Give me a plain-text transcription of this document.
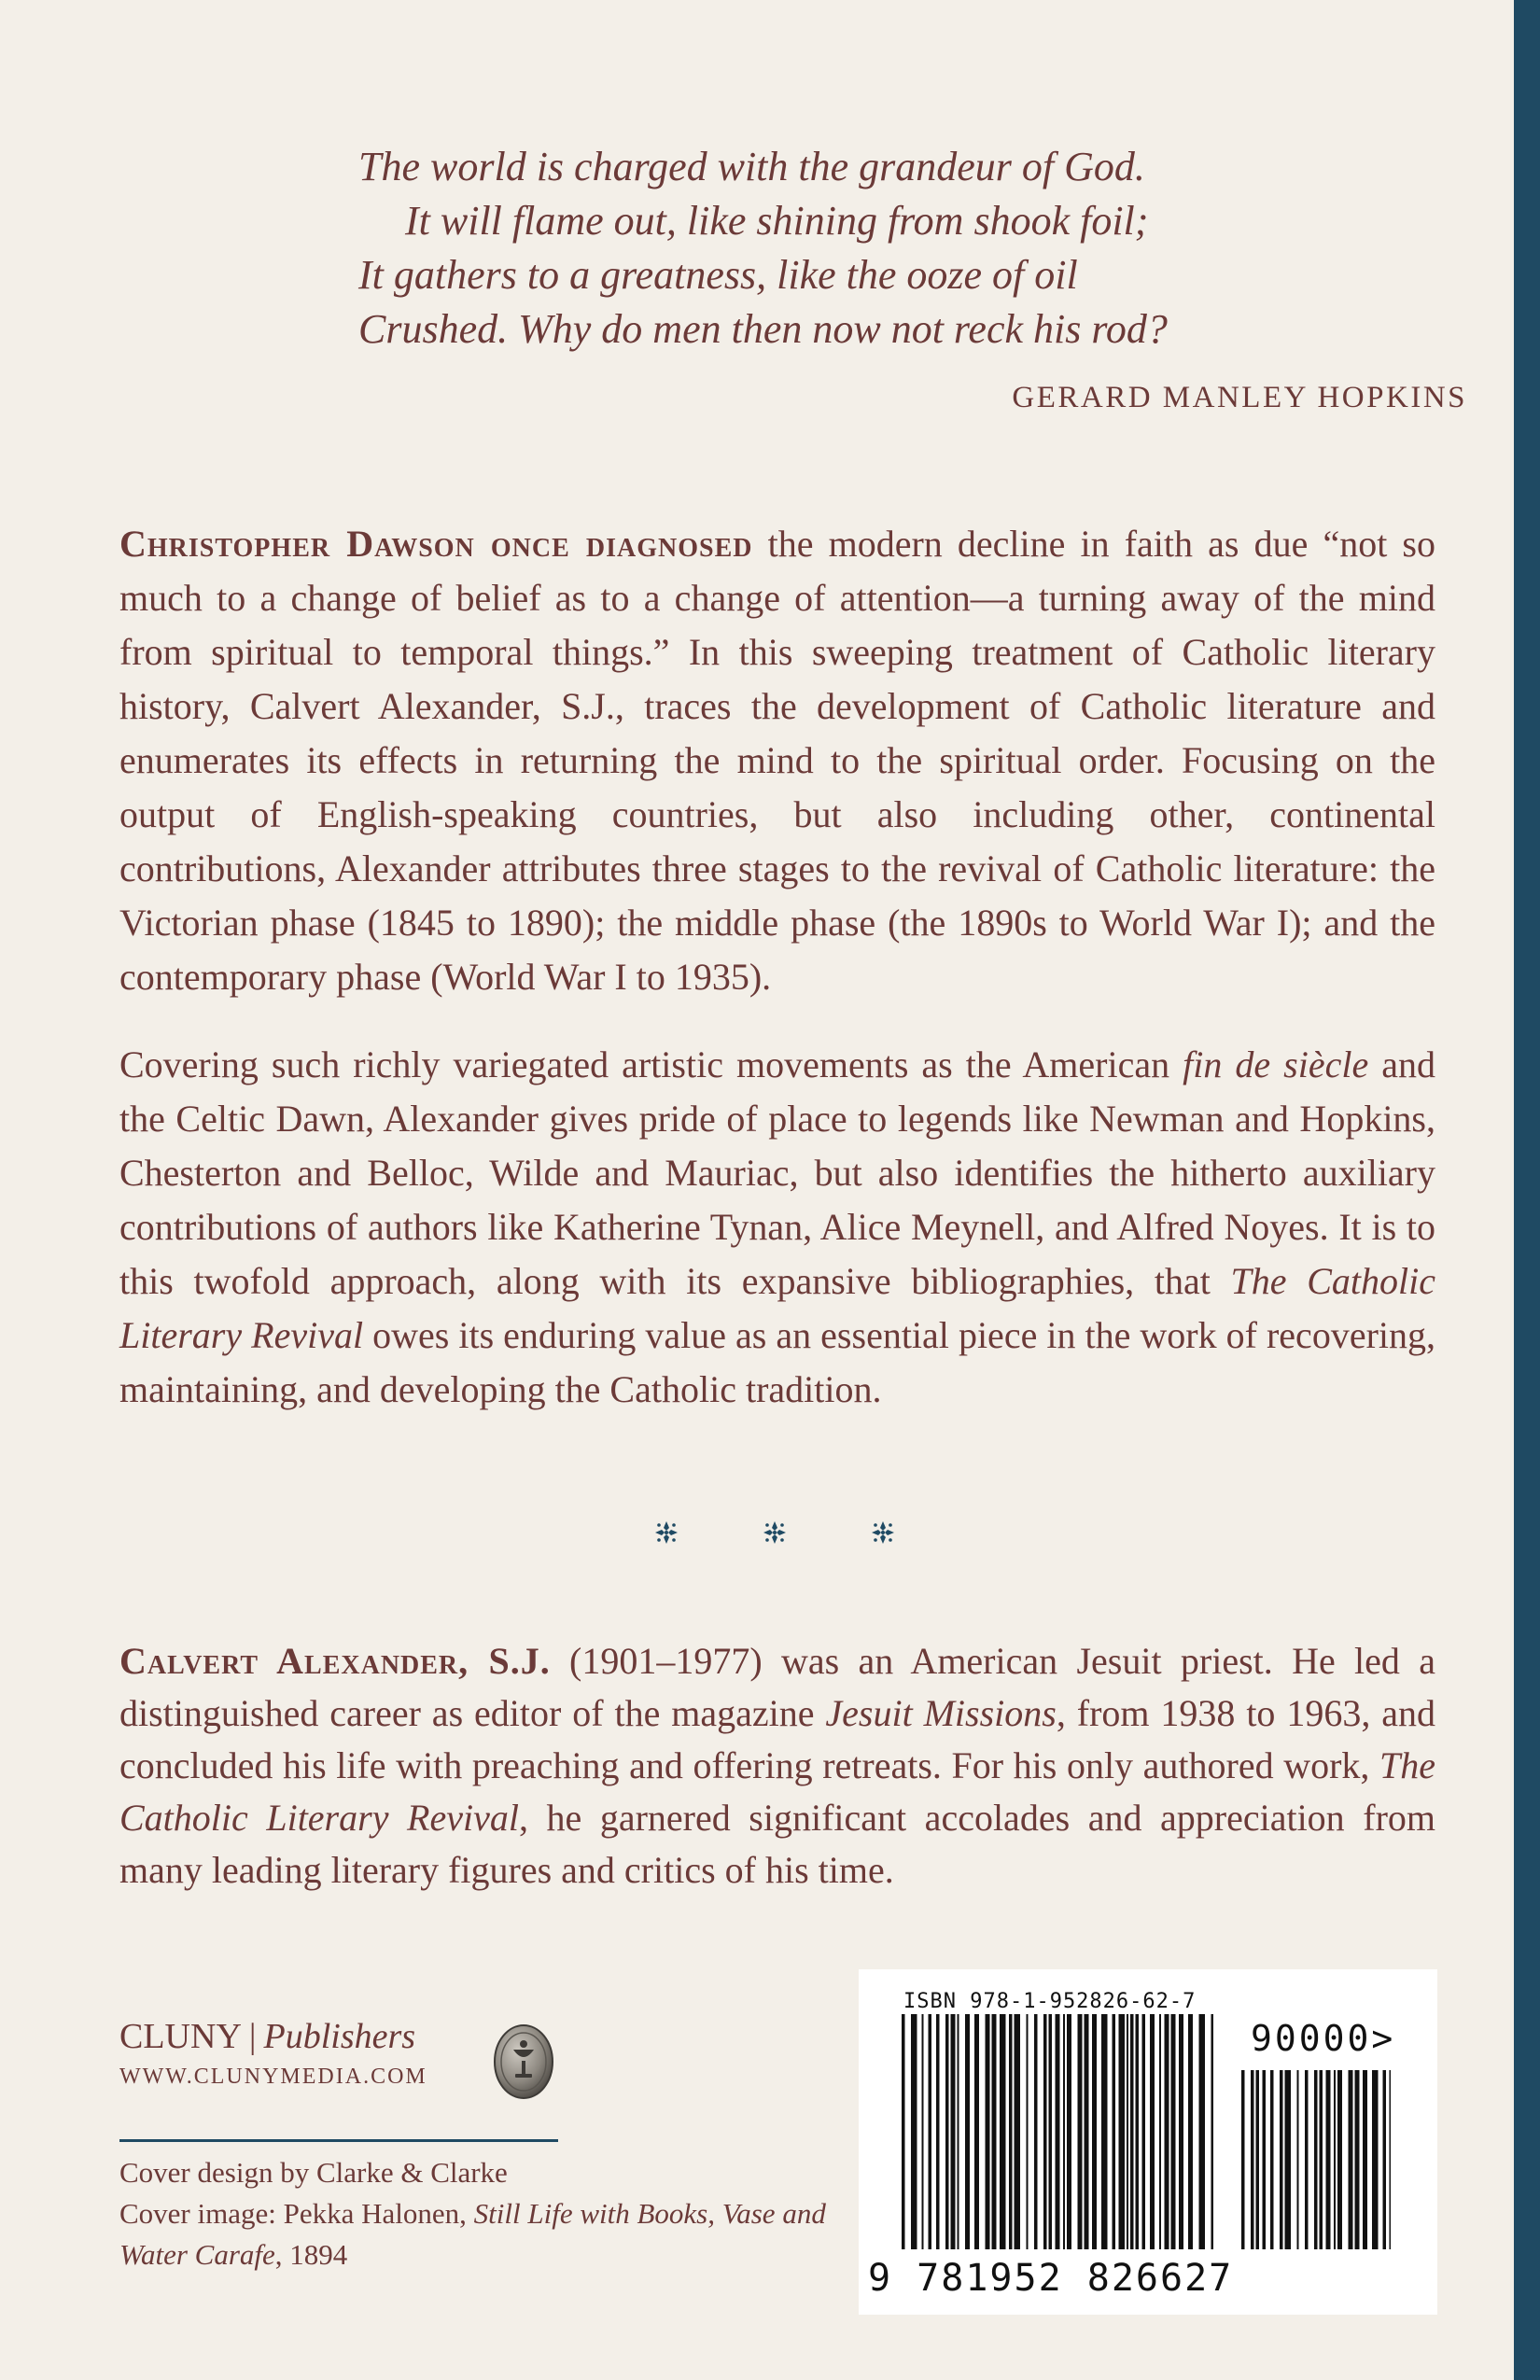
The world is charged with the grandeur of God.
It will flame out, like shining from shook foil;
It gathers to a greatness, like the ooze of oil
Crushed. Why do men then now not reck his rod?
GERARD MANLEY HOPKINS

Christopher Dawson once diagnosed the modern decline in faith as due “not so much to a change of belief as to a change of attention—a turning away of the mind from spiritual to temporal things.” In this sweeping treatment of Catholic literary history, Calvert Alexander, S.J., traces the development of Catholic literature and enumerates its effects in returning the mind to the spiritual order. Focusing on the output of English-speaking countries, but also including other, continental contributions, Alexander attributes three stages to the revival of Catholic literature: the Victorian phase (1845 to 1890); the middle phase (the 1890s to World War I); and the contemporary phase (World War I to 1935).

Covering such richly variegated artistic movements as the American fin de siècle and the Celtic Dawn, Alexander gives pride of place to legends like Newman and Hopkins, Chesterton and Belloc, Wilde and Mauriac, but also identifies the hitherto auxiliary contributions of authors like Katherine Tynan, Alice Meynell, and Alfred Noyes. It is to this twofold approach, along with its expansive bibliographies, that The Catholic Literary Revival owes its enduring value as an essential piece in the work of recovering, maintaining, and developing the Catholic tradition.

Calvert Alexander, S.J. (1901–1977) was an American Jesuit priest. He led a distinguished career as editor of the magazine Jesuit Missions, from 1938 to 1963, and concluded his life with preaching and offering retreats. For his only authored work, The Catholic Literary Revival, he garnered significant accolades and appreciation from many leading literary figures and critics of his time.

CLUNY | Publishers
WWW.CLUNYMEDIA.COM
Cover design by Clarke & Clarke
Cover image: Pekka Halonen, Still Life with Books, Vase and Water Carafe, 1894
ISBN 978-1-952826-62-7
90000>
9 781952 826627
